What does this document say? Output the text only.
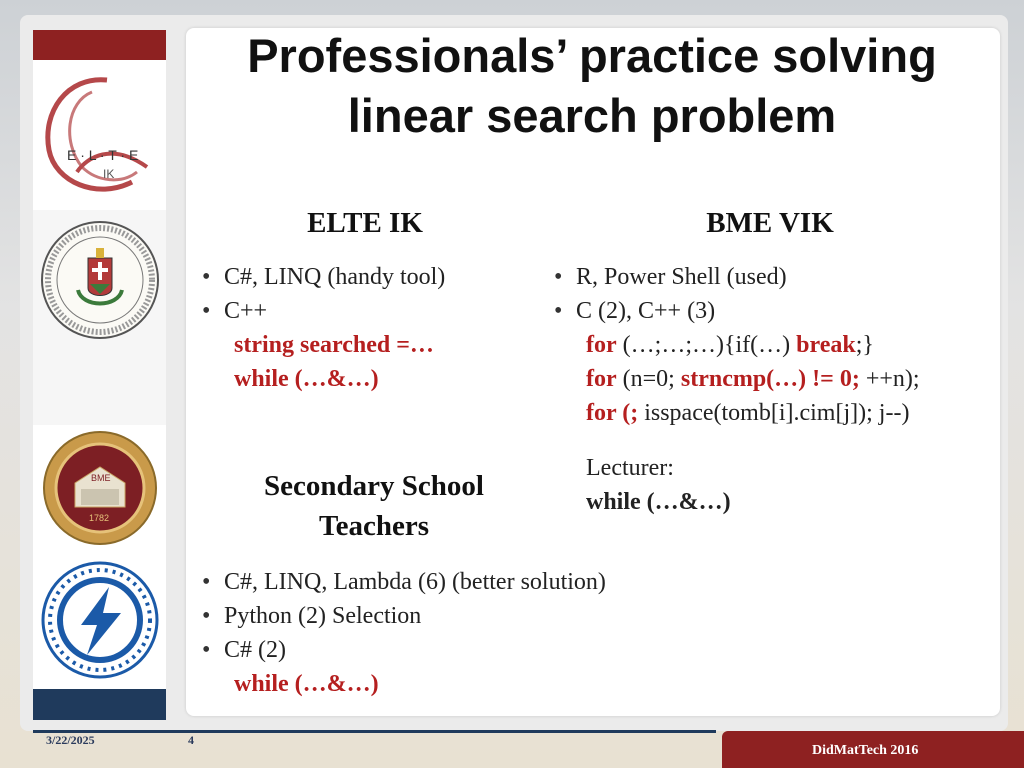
E · L · T · E
IK
BME
1782
Professionals’ practice solving
linear search problem
ELTE IK
• C#, LINQ (handy tool)
• C++
string searched =…
while (…&…)
BME VIK
• R, Power Shell (used)
• C (2), C++ (3)
for (…;…;…){if(…) break;}
for (n=0; strncmp(…) != 0; ++n);
for (; isspace(tomb[i].cim[j]); j--)
Lecturer:
while (…&…)
Secondary School
Teachers
• C#, LINQ, Lambda (6) (better solution)
• Python (2) Selection
• C# (2)
while (…&…)
3/22/2025	4
DidMatTech 2016
